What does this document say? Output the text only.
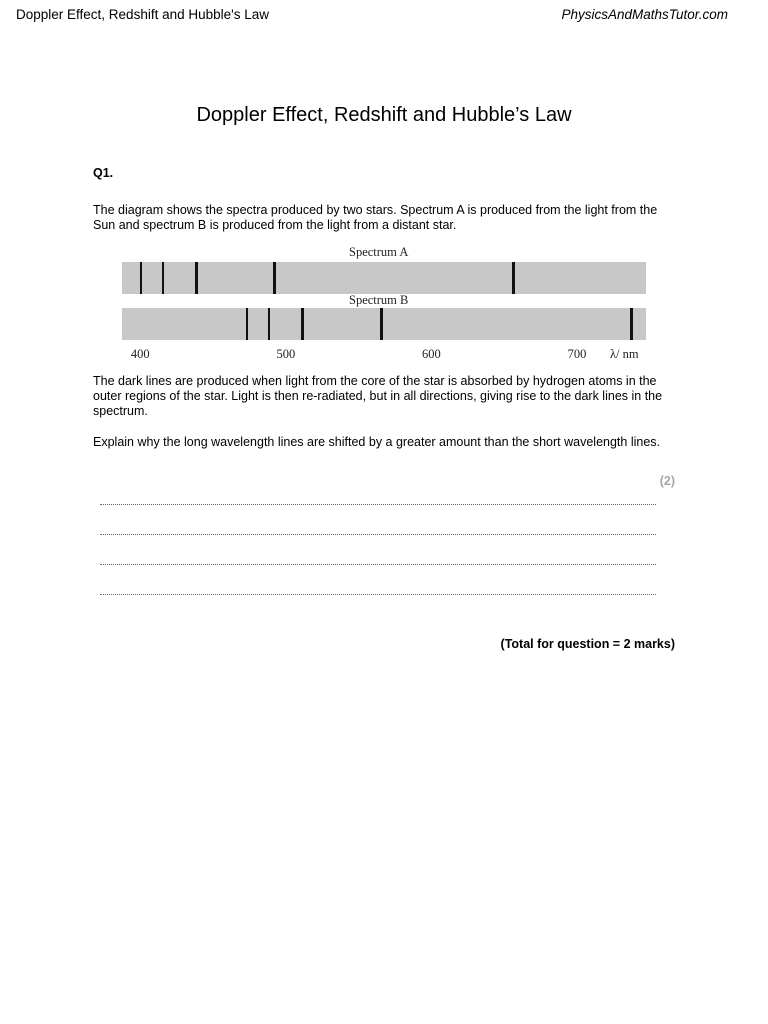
Doppler Effect, Redshift and Hubble's Law	PhysicsAndMathsTutor.com
Doppler Effect, Redshift and Hubble’s Law
Q1.
The diagram shows the spectra produced by two stars. Spectrum A is produced from the light from the Sun and spectrum B is produced from the light from a distant star.
Spectrum A
Spectrum B
400	500	600	700 λ/ nm
The dark lines are produced when light from the core of the star is absorbed by hydrogen atoms in the outer regions of the star. Light is then re-radiated, but in all directions, giving rise to the dark lines in the spectrum.
Explain why the long wavelength lines are shifted by a greater amount than the short wavelength lines.
(2)
(Total for question = 2 marks)
